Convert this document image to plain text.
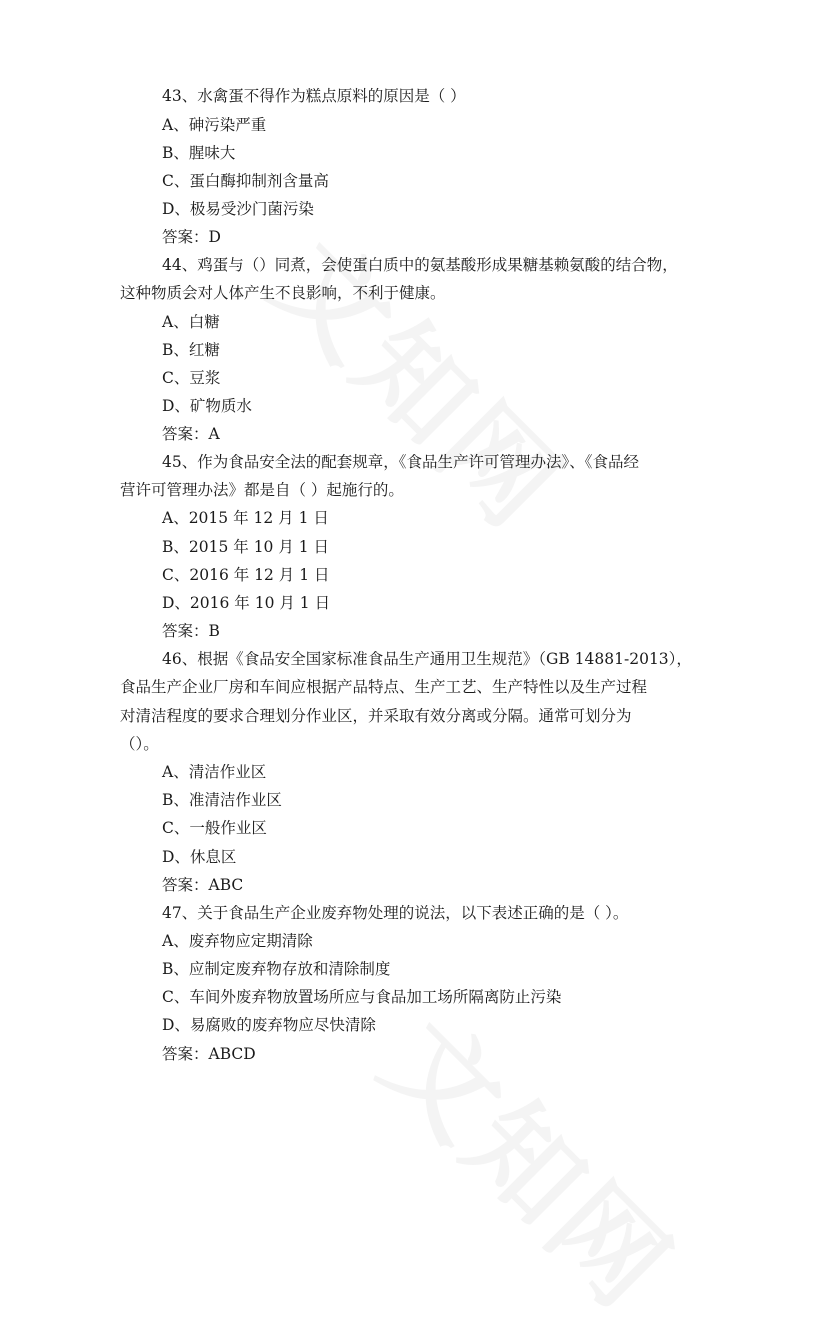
43、水禽蛋不得作为糕点原料的原因是（ ）
A、砷污染严重
B、腥味大
C、蛋白酶抑制剂含量高
D、极易受沙门菌污染
答案：D
44、鸡蛋与（）同煮，会使蛋白质中的氨基酸形成果糖基赖氨酸的结合物，
这种物质会对人体产生不良影响，不利于健康。
A、白糖
B、红糖
C、豆浆
D、矿物质水
答案：A
45、作为食品安全法的配套规章，《食品生产许可管理办法》、《食品经
营许可管理办法》都是自（ ）起施行的。
A、2015 年 12 月 1 日
B、2015 年 10 月 1 日
C、2016 年 12 月 1 日
D、2016 年 10 月 1 日
答案：B
46、根据《食品安全国家标准食品生产通用卫生规范》（GB 14881-2013），
食品生产企业厂房和车间应根据产品特点、生产工艺、生产特性以及生产过程
对清洁程度的要求合理划分作业区，并采取有效分离或分隔。通常可划分为
（）。
A、清洁作业区
B、准清洁作业区
C、一般作业区
D、休息区
答案：ABC
47、关于食品生产企业废弃物处理的说法，以下表述正确的是（ ）。
A、废弃物应定期清除
B、应制定废弃物存放和清除制度
C、车间外废弃物放置场所应与食品加工场所隔离防止污染
D、易腐败的废弃物应尽快清除
答案：ABCD
